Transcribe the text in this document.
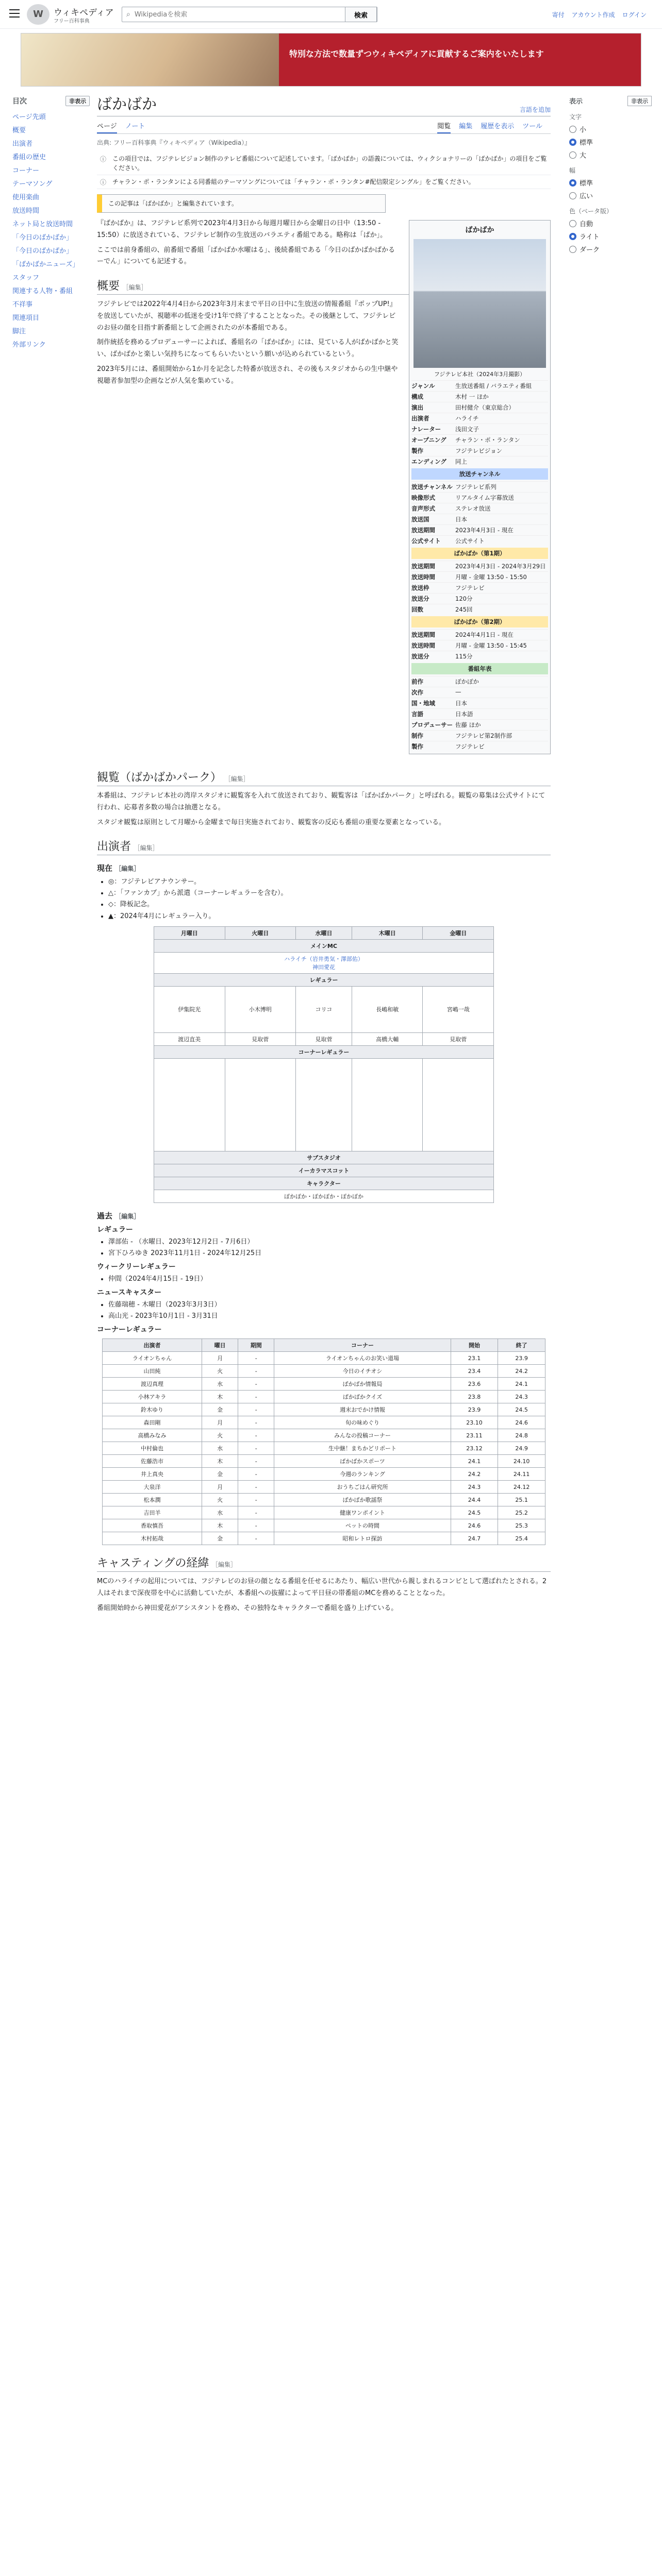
W	ウィキペディア
フリー百科事典
⌕
Wikipediaを検索	検索	寄付 アカウント作成 ログイン
特別な方法で数量ずつウィキペディアに貢献するご案内をいたします
目次	非表示
ページ先頭
概要
出演者
番組の歴史
コーナー
テーマソング
使用楽曲
放送時間
ネット局と放送時間
「今日のばかばか」
「今日のばかぱか」
「ばかばかニューズ」
スタッフ
関連する人物・番組
不祥事
関連項目
脚注
外部リンク
ばかばか	言語を追加
ページ ノート	閲覧 編集 履歴を表示 ツール
出典: フリー百科事典『ウィキペディア（Wikipedia）』
ⓘ この項目では、フジテレビジョン制作のテレビ番組について記述しています。「ばかばか」の語義については、ウィクショナリーの「ばかばか」の項目をご覧ください。
ⓘ チャラン・ポ・ランタンによる同番組のテーマソングについては「チャラン・ポ・ランタン#配信限定シングル」をご覧ください。
この記事は「ばかばか」と編集されています。
ばかばか
フジテレビ本社（2024年3月撮影）
ジャンル	生放送番組 / バラエティ番組
構成	木村 一 ほか
演出	田村健介（東京総合）
出演者	ハライチ
ナレーター	浅田文子
オープニング	チャラン・ポ・ランタン
製作	フジテレビジョン
エンディング	同上
放送チャンネル
放送チャンネル フジテレビ系列
映像形式	リアルタイム字幕放送
音声形式	ステレオ放送
放送国	日本
放送期間	2023年4月3日 - 現在
公式サイト	公式サイト
ばかばか（第1期）
放送期間	2023年4月3日 - 2024年3月29日
放送時間	月曜 - 金曜 13:50 - 15:50
放送枠	フジテレビ
放送分	120分
回数	245回
ばかばか（第2期）
放送期間	2024年4月1日 - 現在
放送時間	月曜 - 金曜 13:50 - 15:45
放送分	115分
番組年表
前作	ぽかぽか
次作	—
国・地域	日本
言語	日本語
プロデューサー 佐藤 ほか
制作	フジテレビ第2制作部
製作	フジテレビ

『ばかばか』は、フジテレビ系列で2023年4月3日から毎週月曜日から金曜日の日中（13:50 - 15:50）に放送されている、フジテレビ制作の生放送のバラエティ番組である。略称は「ぱか」。

ここでは前身番組の、前番組で番組「ばかばか水曜はる」、後続番組である「今日のばかばかばかるーでん」についても記述する。

概要 ［編集］

フジテレビでは2022年4月4日から2023年3月末まで平日の日中に生放送の情報番組『ポップUP!』を放送していたが、視聴率の低迷を受け1年で終了することとなった。その後継として、フジテレビのお昼の顔を目指す新番組として企画されたのが本番組である。

制作統括を務めるプロデューサーによれば、番組名の「ばかばか」には、見ている人がばかばかと笑い、ばかばかと楽しい気持ちになってもらいたいという願いが込められているという。

2023年5月には、番組開始から1か月を記念した特番が放送され、その後もスタジオからの生中継や視聴者参加型の企画などが人気を集めている。

観覧（ばかばかパーク） ［編集］

本番組は、フジテレビ本社の湾岸スタジオに観覧客を入れて放送されており、観覧客は「ばかばかパーク」と呼ばれる。観覧の募集は公式サイトにて行われ、応募者多数の場合は抽選となる。

スタジオ観覧は原則として月曜から金曜まで毎日実施されており、観覧客の反応も番組の重要な要素となっている。

出演者 ［編集］
現在 ［編集］
• ◎：フジテレビアナウンサー。
• △：「ファンカブ」から派遣（コーナーレギュラーを含む）。
• ◇：降板記念。
• ▲：2024年4月にレギュラー入り。
月曜日	火曜日	水曜日	木曜日	金曜日
メインMC				
ハライチ（岩井勇気・澤部佑）
神田愛花				
レギュラー				
伊集院光	小木博明	コリコ	長嶋和敏	宮嶋一哉
渡辺直美	見取菅	見取菅	高橋大輔	見取菅
コーナーレギュラー				

サブスタジオ				
イーカラマスコット				
キャラクター				
ぽかぽか・ぽかぽか・ぽかぽか				
過去 ［編集］
レギュラー
• 澤部佑 - （水曜日、2023年12月2日 - 7月6日）
• 宮下ひろゆき 2023年11月1日 - 2024年12月25日
ウィークリーレギュラー
• 仲間（2024年4月15日 - 19日）
ニュースキャスター
• 佐藤瑞穂 - 木曜日（2023年3月3日）
• 高山光 - 2023年10月1日 - 3月31日
コーナーレギュラー
出演者	曜日	期間	コーナー	開始	終了
ライオンちゃん	月	-	ライオンちゃんのお笑い道場	23.1	23.9
山田純	火	-	今日のイチオシ	23.4	24.2
渡辺真理	水	-	ばかばか情報局	23.6	24.1
小林アキラ	木	-	ばかばかクイズ	23.8	24.3
鈴木ゆり	金	-	週末おでかけ情報	23.9	24.5
森田剛	月	-	旬の味めぐり	23.10	24.6
高橋みなみ	火	-	みんなの投稿コーナー	23.11	24.8
中村倫也	水	-	生中継！まちかどリポート	23.12	24.9
佐藤浩市	木	-	ばかばかスポーツ	24.1	24.10
井上真央	金	-	今週のランキング	24.2	24.11
大泉洋	月	-	おうちごはん研究所	24.3	24.12
松本潤	火	-	ばかばか歌謡祭	24.4	25.1
吉田羊	水	-	健康ワンポイント	24.5	25.2
香取慎吾	木	-	ペットの時間	24.6	25.3
木村拓哉	金	-	昭和レトロ探訪	24.7	25.4
キャスティングの経緯 ［編集］

MCのハライチの起用については、フジテレビのお昼の顔となる番組を任せるにあたり、幅広い世代から親しまれるコンビとして選ばれたとされる。2人はそれまで深夜帯を中心に活動していたが、本番組への抜擢によって平日昼の帯番組のMCを務めることとなった。

番組開始時から神田愛花がアシスタントを務め、その独特なキャラクターで番組を盛り上げている。

表示	非表示
文字
小
標準
大
幅
標準
広い
色（ベータ版）
自動
ライト
ダーク
